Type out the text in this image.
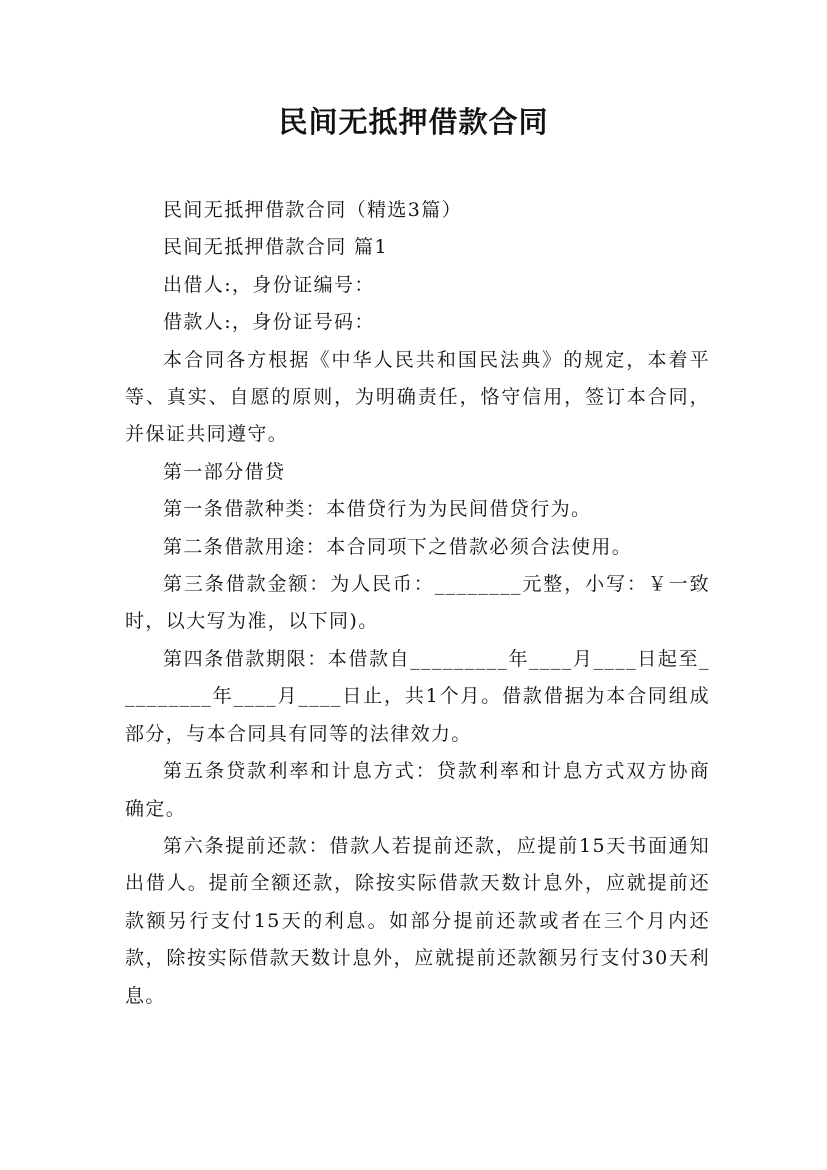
民间无抵押借款合同

民间无抵押借款合同（精选3篇）

民间无抵押借款合同 篇1

出借人:，身份证编号：

借款人:，身份证号码：

本合同各方根据《中华人民共和国民法典》的规定，本着平等、真实、自愿的原则，为明确责任，恪守信用，签订本合同，并保证共同遵守。

第一部分借贷

第一条借款种类：本借贷行为为民间借贷行为。

第二条借款用途：本合同项下之借款必须合法使用。

第三条借款金额：为人民币：________元整，小写：￥一致时，以大写为准，以下同)。

第四条借款期限：本借款自_________年____月____日起至_________年____月____日止，共1个月。借款借据为本合同组成部分，与本合同具有同等的法律效力。

第五条贷款利率和计息方式：贷款利率和计息方式双方协商确定。

第六条提前还款：借款人若提前还款，应提前15天书面通知出借人。提前全额还款，除按实际借款天数计息外，应就提前还款额另行支付15天的利息。如部分提前还款或者在三个月内还款，除按实际借款天数计息外，应就提前还款额另行支付30天利息。
